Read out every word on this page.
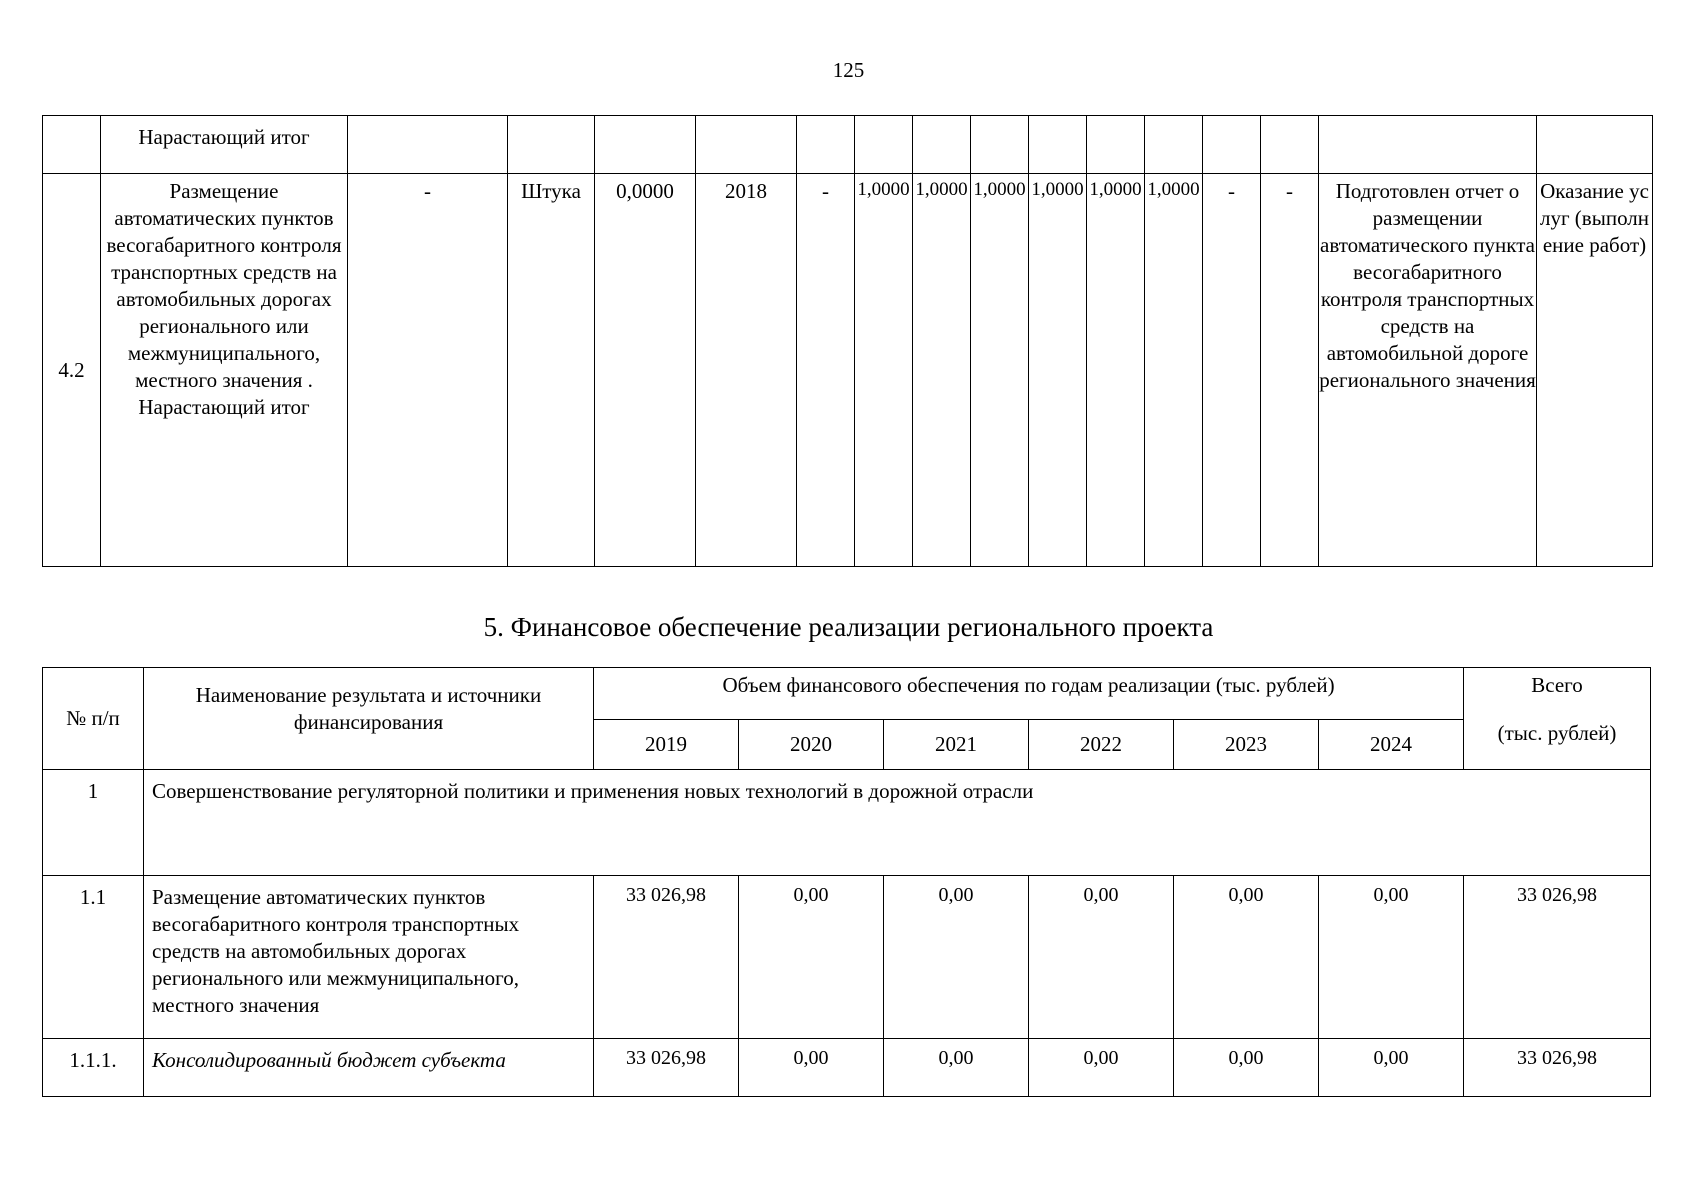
125
	Нарастающий итог															
4.2	Размещение автоматических пунктов весогабаритного контроля транспортных средств на автомобильных дорогах регионального или межмуниципального, местного значения . Нарастающий итог	-	Штука	0,0000	2018	-	1,0000	1,0000	1,0000	1,0000	1,0000	1,0000	-	-	Подготовлен отчет о размещении автоматического пункта весогабаритного контроля транспортных средств на автомобильной дороге регионального значения	Оказание услуг (выполнение работ)
5. Финансовое обеспечение реализации регионального проекта
№ п/п	Наименование результата и источники финансирования	Объем финансового обеспечения по годам реализации (тыс. рублей)						Всего
(тыс. рублей)

		2019	2020	2021	2022	2023	2024	
1	Совершенствование регуляторной политики и применения новых технологий в дорожной отрасли							
1.1	Размещение автоматических пунктов весогабаритного контроля транспортных средств на автомобильных дорогах регионального или межмуниципального, местного значения	33 026,98	0,00	0,00	0,00	0,00	0,00	33 026,98
1.1.1.	Консолидированный бюджет субъекта	33 026,98	0,00	0,00	0,00	0,00	0,00	33 026,98
